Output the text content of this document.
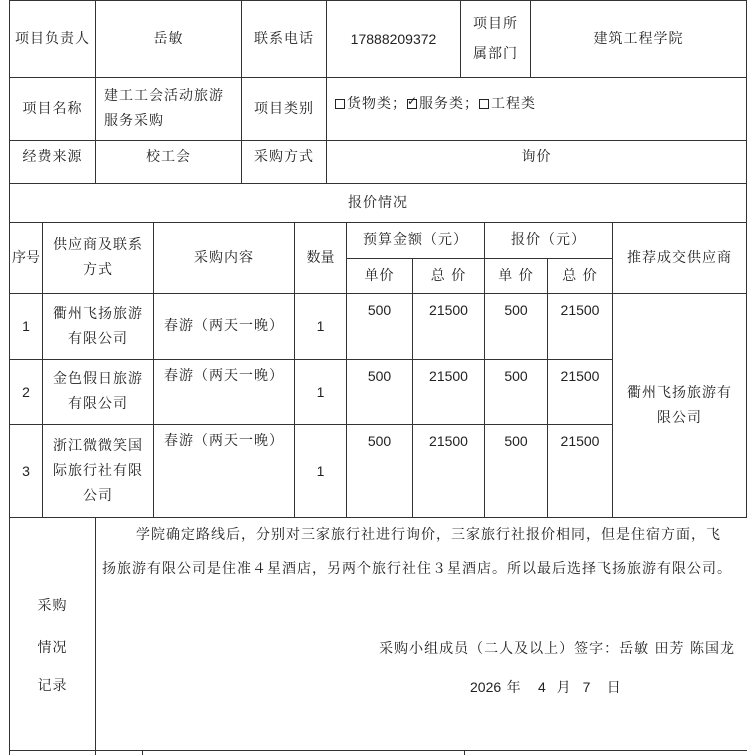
项目负责人	岳敏	联系电话	17888209372
项目所属部门
建筑工程学院
项目名称
建工工会活动旅游服务采购
项目类别	货物类；
✓ 服务类； 工程类
经费来源	校工会	采购方式	询价
报价情况
序号
供应商及联系方式
采购内容	数量
预算金额（元）	报价（元）
单价	总 价	单 价	总 价
推荐成交供应商
1
衢州飞扬旅游有限公司
春游（两天一晚）	1
500	21500	500	21500
2
金色假日旅游有限公司
春游（两天一晚）
1
500	21500	500	21500
3
浙江微微笑国际旅行社有限公司
春游（两天一晚）
1
500	21500	500	21500
衢州飞扬旅游有限公司
采购
情况
记录
学院确定路线后，分别对三家旅行社进行询价，三家旅行社报价相同，但是住宿方面，飞
扬旅游有限公司是住准４星酒店，另两个旅行社住３星酒店。所以最后选择飞扬旅游有限公司。
采购小组成员（二人及以上）签字：岳敏 田芳 陈国龙
2026 年 4 月 7 日
